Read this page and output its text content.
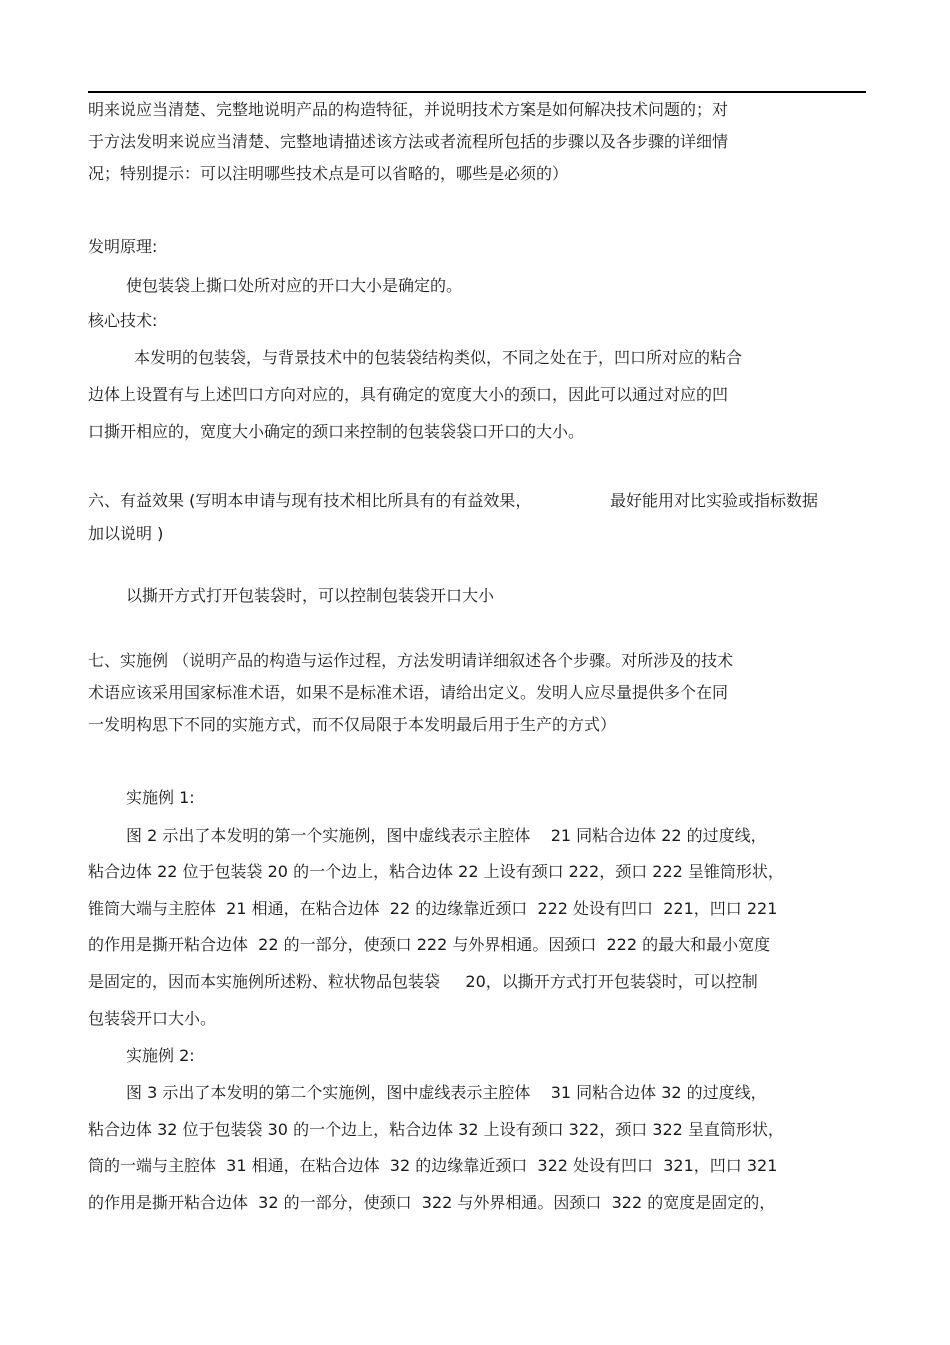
明来说应当清楚、完整地说明产品的构造特征，并说明技术方案是如何解决技术问题的；对
于方法发明来说应当清楚、完整地请描述该方法或者流程所包括的步骤以及各步骤的详细情
况；特别提示：可以注明哪些技术点是可以省略的，哪些是必须的）
发明原理:
使包装袋上撕口处所对应的开口大小是确定的。
核心技术:
本发明的包装袋，与背景技术中的包装袋结构类似，不同之处在于，凹口所对应的粘合
边体上设置有与上述凹口方向对应的，具有确定的宽度大小的颈口，因此可以通过对应的凹
口撕开相应的，宽度大小确定的颈口来控制的包装袋袋口开口的大小。
六、有益效果 (写明本申请与现有技术相比所具有的有益效果，	最好能用对比实验或指标数据
加以说明 )
以撕开方式打开包装袋时，可以控制包装袋开口大小
七、实施例 （说明产品的构造与运作过程，方法发明请详细叙述各个步骤。对所涉及的技术
术语应该采用国家标准术语，如果不是标准术语，请给出定义。发明人应尽量提供多个在同
一发明构思下不同的实施方式，而不仅局限于本发明最后用于生产的方式）
实施例 1:
图 2 示出了本发明的第一个实施例，图中虚线表示主腔体    21 同粘合边体 22 的过度线，
粘合边体 22 位于包装袋 20 的一个边上，粘合边体 22 上设有颈口 222，颈口 222 呈锥筒形状，
锥筒大端与主腔体  21 相通，在粘合边体  22 的边缘靠近颈口  222 处设有凹口  221，凹口 221
的作用是撕开粘合边体  22 的一部分，使颈口 222 与外界相通。因颈口  222 的最大和最小宽度
是固定的，因而本实施例所述粉、粒状物品包装袋     20，以撕开方式打开包装袋时，可以控制
包装袋开口大小。
实施例 2:
图 3 示出了本发明的第二个实施例，图中虚线表示主腔体    31 同粘合边体 32 的过度线，
粘合边体 32 位于包装袋 30 的一个边上，粘合边体 32 上设有颈口 322，颈口 322 呈直筒形状，
筒的一端与主腔体  31 相通，在粘合边体  32 的边缘靠近颈口  322 处设有凹口  321，凹口 321
的作用是撕开粘合边体  32 的一部分，使颈口  322 与外界相通。因颈口  322 的宽度是固定的，
